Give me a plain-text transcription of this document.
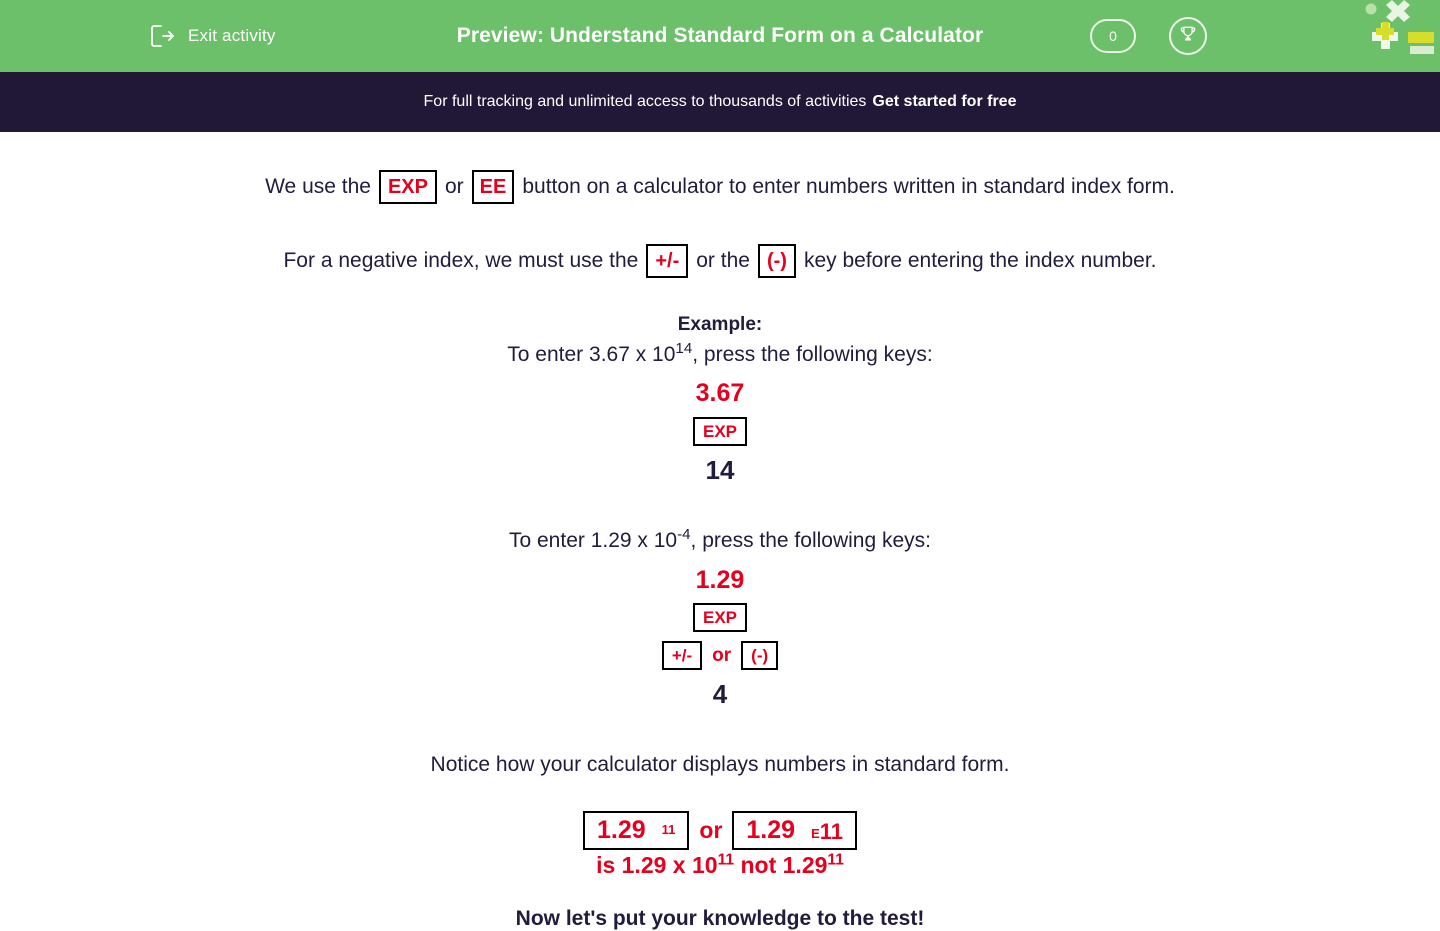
Exit activity	Preview: Understand Standard Form on a Calculator	0
For full tracking and unlimited access to thousands of activities Get started for free
We use the EXP or EE button on a calculator to enter numbers written in standard index form.
For a negative index, we must use the +/- or the (-) key before entering the index number.
Example:
To enter 3.67 x $10^{14}$, press the following keys:
3.67
EXP
14
To enter 1.29 x $10^{-4}$, press the following keys:
1.29
EXP
+/-	or	(-)
4
Notice how your calculator displays numbers in standard form.
1.29 11 or 1.29 E 11
is 1.29 x $10^{11}$ not 1.29$^{11}$
Now let's put your knowledge to the test!
